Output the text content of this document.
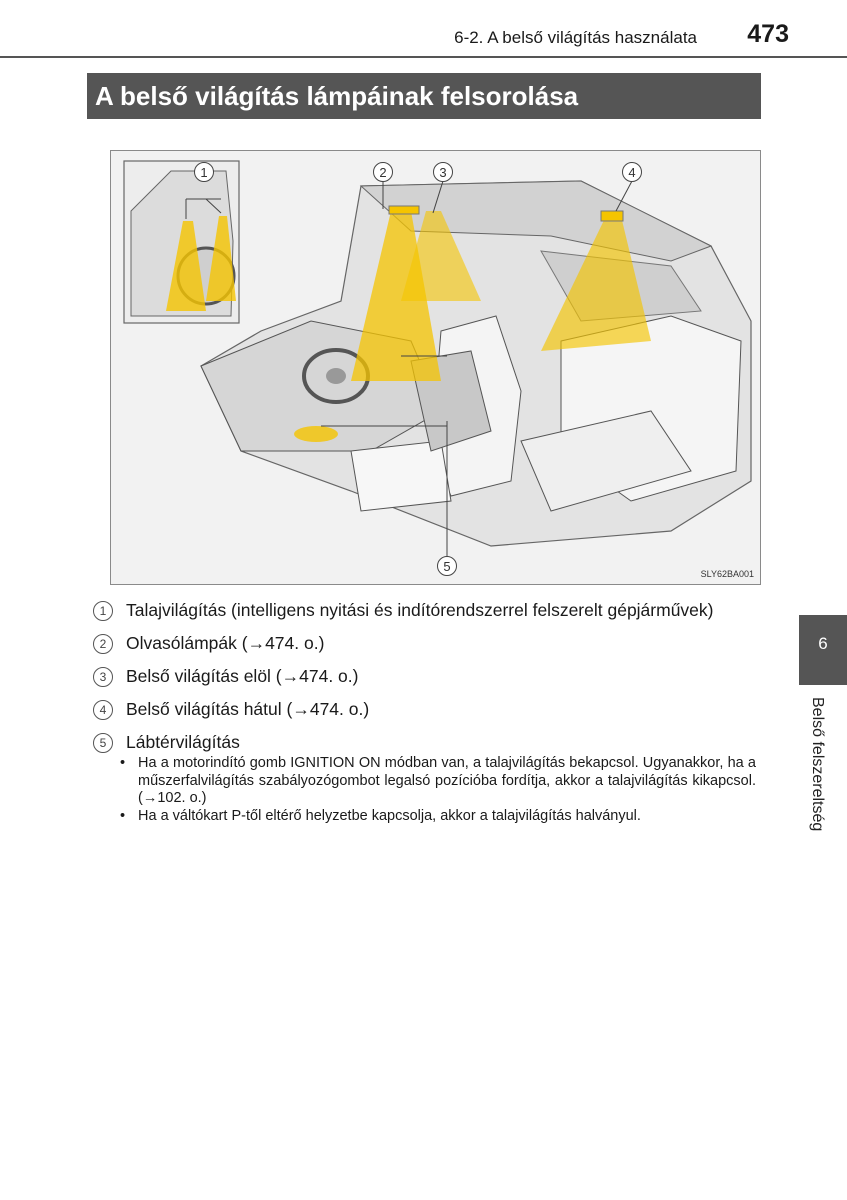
6-2. A belső világítás használata 473
A belső világítás lámpáinak felsorolása
1	2	3	4
5	SLY62BA001
1	Talajvilágítás (intelligens nyitási és indítórendszerrel felszerelt gépjárművek)
2	Olvasólámpák (→474. o.)
3	Belső világítás elöl (→474. o.)
4	Belső világítás hátul (→474. o.)
5	Lábtérvilágítás
• Ha a motorindító gomb IGNITION ON módban van, a talajvilágítás bekapcsol. Ugyanakkor, ha a műszerfalvilágítás szabályozógombot legalsó pozícióba fordítja, akkor a talajvilágítás kikapcsol. (→102. o.)
• Ha a váltókart P-től eltérő helyzetbe kapcsolja, akkor a talajvilágítás halványul.
6
Belső felszereltség
